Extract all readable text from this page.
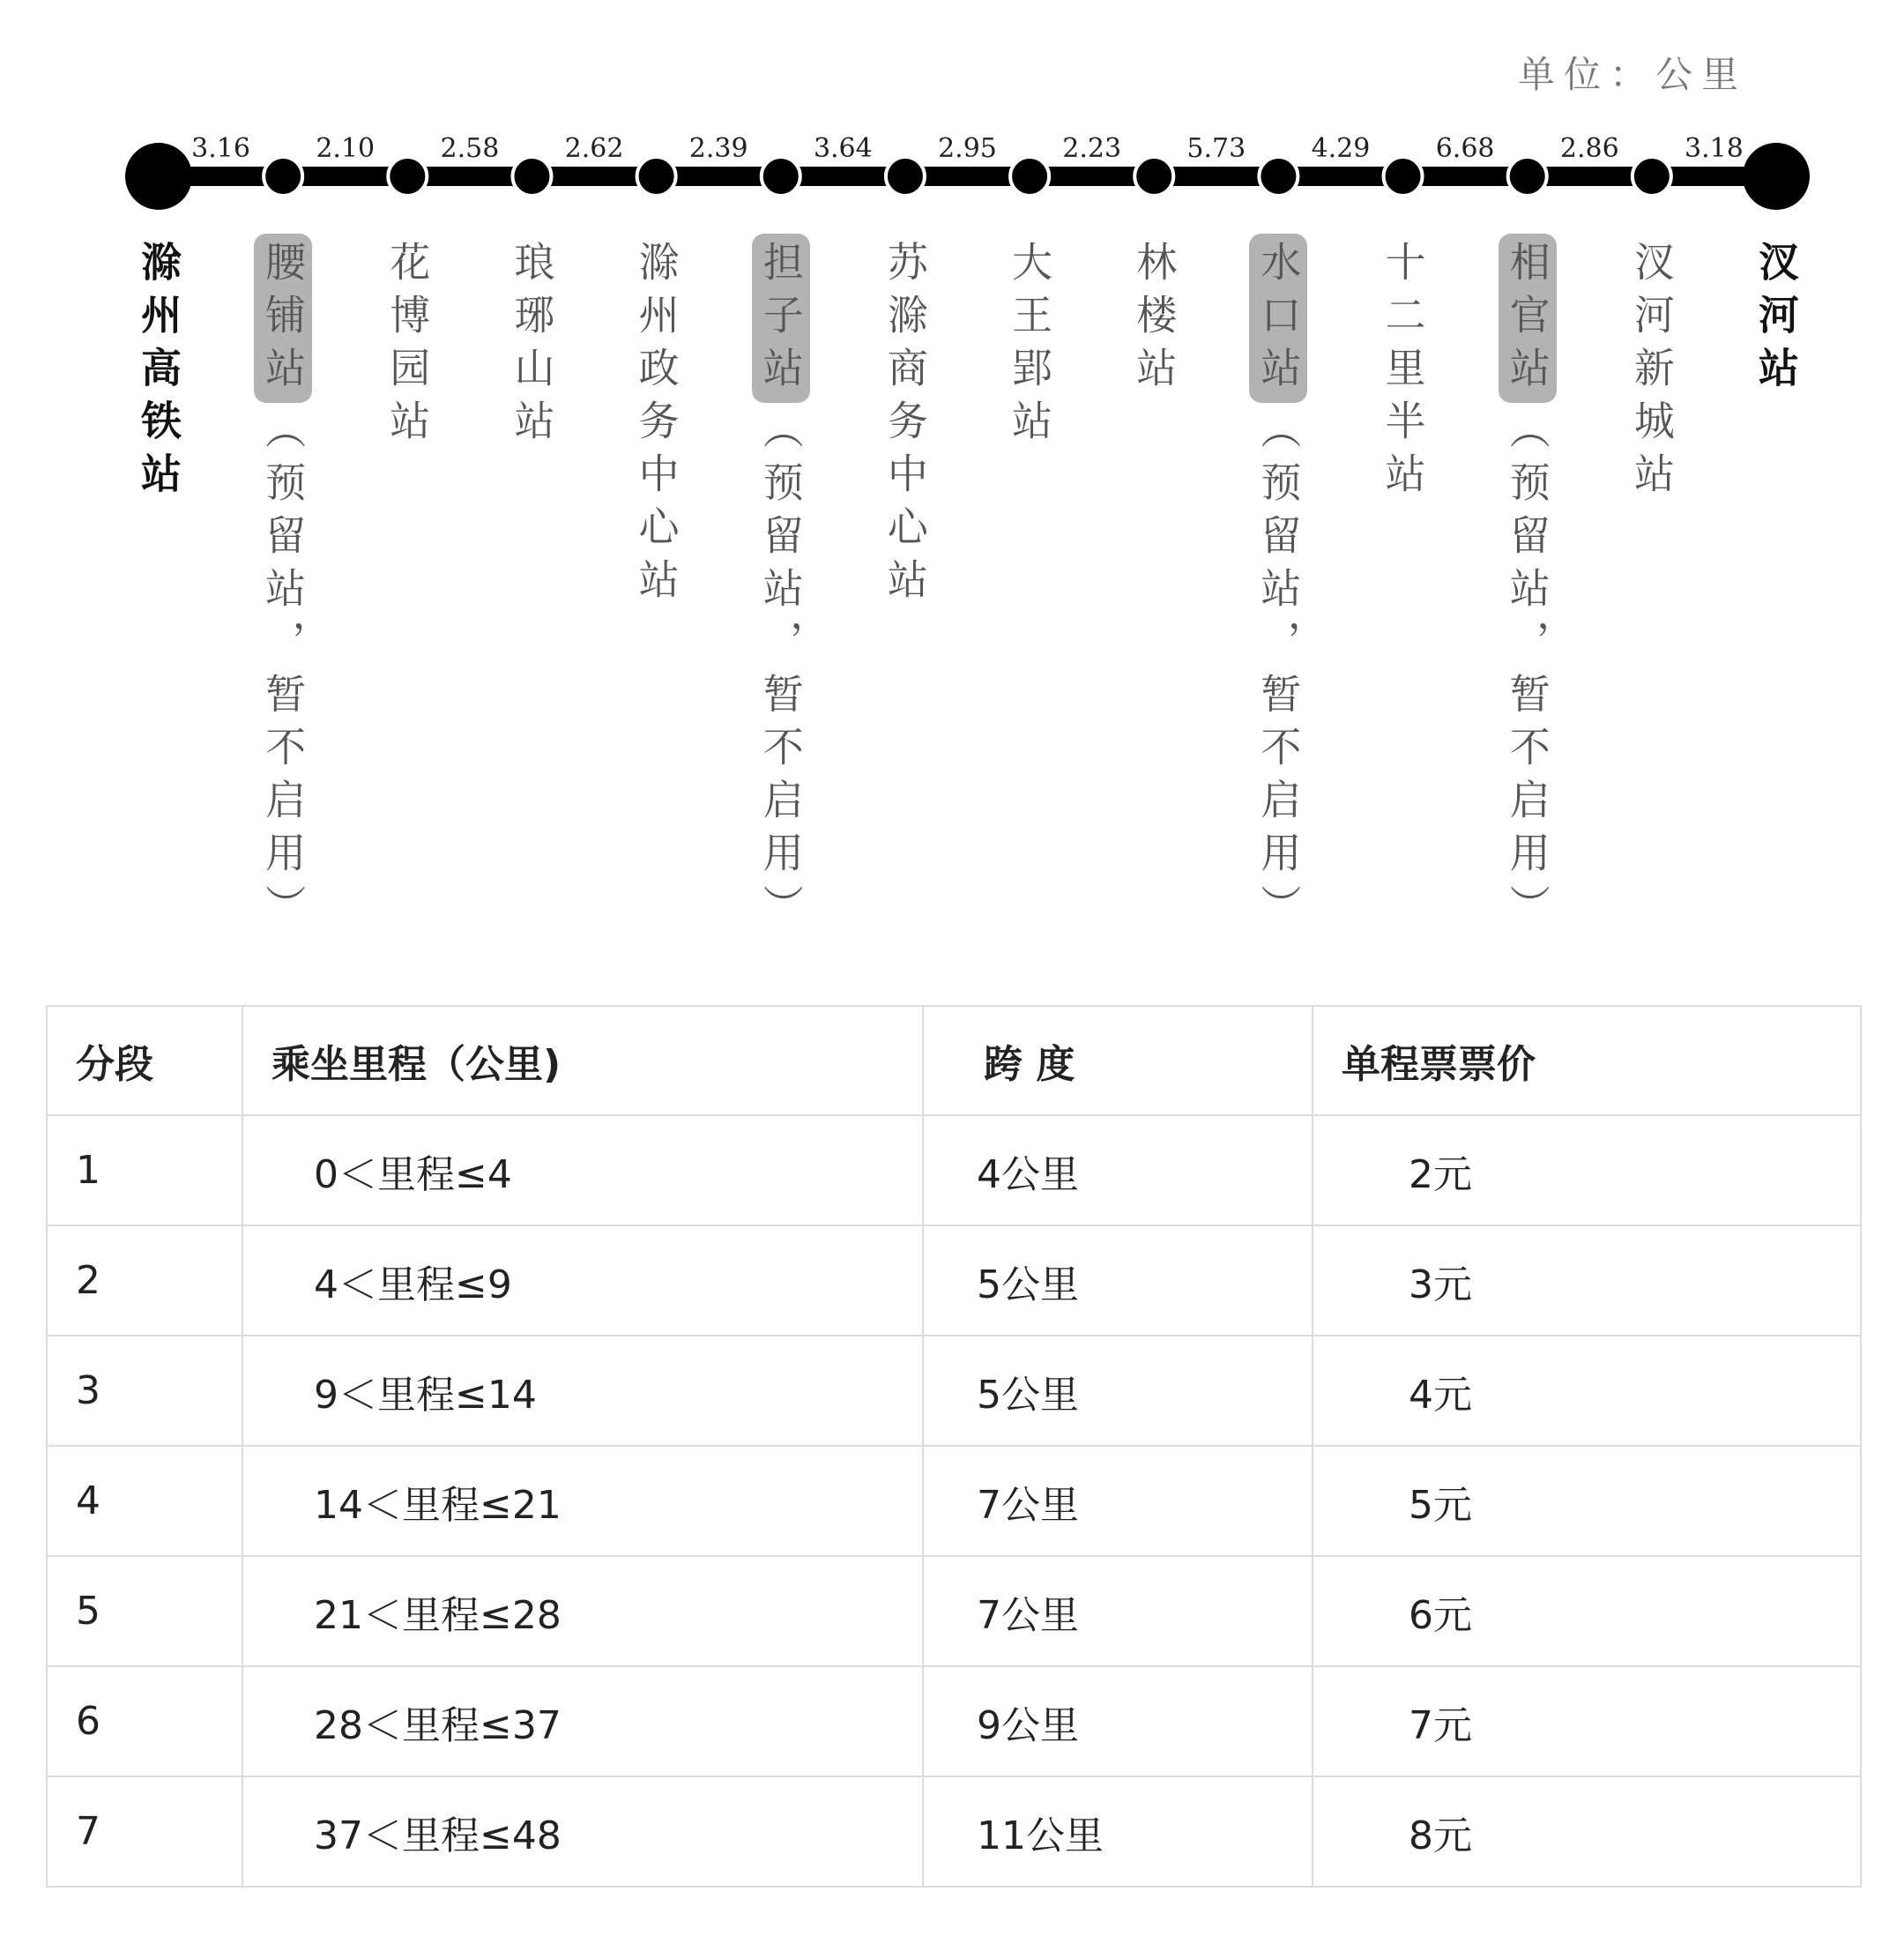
单位：公里
3.16 2.10 2.58 2.62 2.39 3.64 2.95 2.23 5.73 4.29 6.68 2.86 3.18
滁州高铁站 腰铺站
（预留站，暂不启用）
花博园站 琅琊山站 滁州政务中心站 担子站
（预留站，暂不启用） 苏滁商务中心站 大王郢站 林楼站 水口站
（预留站，暂不启用）
十二里半站 相官站
（预留站，暂不启用）
汊河新城站 汊河站
分段	乘坐里程（公里)	跨 度	单程票票价
1	0＜里程≤4	4公里	2元
2	4＜里程≤9	5公里	3元
3	9＜里程≤14	5公里	4元
4	14＜里程≤21	7公里	5元
5	21＜里程≤28	7公里	6元
6	28＜里程≤37	9公里	7元
7	37＜里程≤48	11公里	8元
